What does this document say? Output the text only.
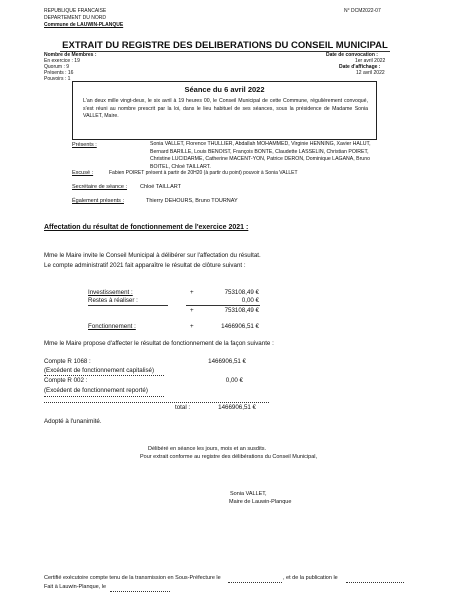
REPUBLIQUE FRANCAISE
DEPARTEMENT DU NORD
Commune de LAUWIN-PLANQUE
N° DCM2022-07
EXTRAIT DU REGISTRE DES DELIBERATIONS DU CONSEIL MUNICIPAL
Nombre de Membres :
En exercice : 19
Quorum : 9
Présents : 16
Pouvoirs : 1
Date de convocation :
1er avril 2022
Date d'affichage :
12 avril 2022
Séance du 6 avril 2022
L'an deux mille vingt-deux, le six avril à 19 heures 00, le Conseil Municipal de cette Commune, régulièrement convoqué, s'est réuni au nombre prescrit par la loi, dans le lieu habituel de ses séances, sous la présidence de Madame Sonia VALLET, Maire.
Présents :	Sonia VALLET, Florence THULLIER, Abdallah MOHAMMED, Virginie HENNING, Xavier HALUT, Bernard BARILLE, Louis BENOIST, François BONTE, Claudette LASSELIN, Christian POIRET, Christine LUCIDARME, Catherine MACENT-YON, Patrice DERON, Dominique LAGANA, Bruno BOITEL, Chloé TAILLART.
Excusé :	Fabien POIRET présent à partir de 20H20 (à partir du point) pouvoir à Sonia VALLET
Secrétaire de séance : Chloé TAILLART
Également présents :	Thierry DEHOURS, Bruno TOURNAY
Affectation du résultat de fonctionnement de l'exercice 2021 :
Mme le Maire invite le Conseil Municipal à délibérer sur l'affectation du résultat.
Le compte administratif 2021 fait apparaître le résultat de clôture suivant :
Investissement :	+	753108,49 €
Restes à réaliser :	0,00 €
+	753108,49 €
Fonctionnement :	+	1466906,51 €
Mme le Maire propose d'affecter le résultat de fonctionnement de la façon suivante :
Compte R 1068 :	1466906,51 €
(Excédent de fonctionnement capitalisé)
Compte R 002 :	0,00 €
(Excédent de fonctionnement reporté)
total :	1466906,51 €
Adopté à l'unanimité.
Délibéré en séance les jours, mois et an susdits.
Pour extrait conforme au registre des délibérations du Conseil Municipal,
Sonia VALLET,
Maire de Lauwin-Planque
Certifié exécutoire compte tenu de la transmission en Sous-Préfecture le	, et de la publication le
Fait à Lauwin-Planque, le
